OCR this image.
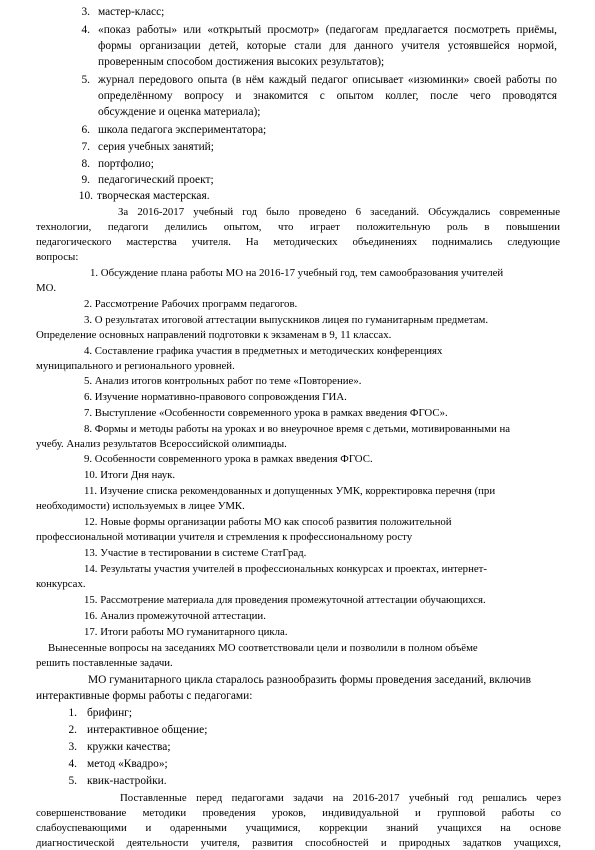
3. мастер-класс;
4. «показ работы» или «открытый просмотр» (педагогам предлагается посмотреть приёмы,
формы организации детей, которые стали для данного учителя устоявшейся нормой,
проверенным способом достижения высоких результатов);
5. журнал передового опыта (в нём каждый педагог описывает «изюминки» своей работы по
определённому вопросу и знакомится с опытом коллег, после чего проводятся
обсуждение и оценка материала);
6. школа педагога экспериментатора;
7. серия учебных занятий;
8. портфолио;
9. педагогический проект;
10. творческая мастерская.
За 2016-2017 учебный год было проведено 6 заседаний. Обсуждались современные
технологии, педагоги делились опытом, что играет положительную роль в повышении
педагогического мастерства учителя. На методических объединениях поднимались следующие
вопросы:
1. Обсуждение плана работы МО на 2016-17 учебный год, тем самообразования учителей
МО.
2. Рассмотрение Рабочих программ педагогов.
3. О результатах итоговой аттестации выпускников лицея по гуманитарным предметам.
Определение основных направлений подготовки к экзаменам в 9, 11 классах.
4. Составление графика участия в предметных и методических конференциях
муниципального и регионального уровней.
5. Анализ итогов контрольных работ по теме «Повторение».
6. Изучение нормативно-правового сопровождения ГИА.
7. Выступление «Особенности современного урока в рамках введения ФГОС».
8. Формы и методы работы на уроках и во внеурочное время с детьми, мотивированными на
учебу. Анализ результатов Всероссийской олимпиады.
9. Особенности современного урока в рамках введения ФГОС.
10. Итоги Дня наук.
11. Изучение списка рекомендованных и допущенных УМК, корректировка перечня (при
необходимости) используемых в лицее УМК.
12. Новые формы организации работы МО как способ развития положительной
профессиональной мотивации учителя и стремления к профессиональному росту
13. Участие в тестировании в системе СтатГрад.
14. Результаты участия учителей в профессиональных конкурсах и проектах, интернет-
конкурсах.
15. Рассмотрение материала для проведения промежуточной аттестации обучающихся.
16. Анализ промежуточной аттестации.
17. Итоги работы МО гуманитарного цикла.
Вынесенные вопросы на заседаниях МО соответствовали цели и позволили в полном объёме
решить поставленные задачи.
МО гуманитарного цикла старалось разнообразить формы проведения заседаний, включив
интерактивные формы работы с педагогами:
1. брифинг;
2. интерактивное общение;
3. кружки качества;
4. метод «Квадро»;
5. квик-настройки.
Поставленные перед педагогами задачи на 2016-2017 учебный год решались через
совершенствование методики проведения уроков, индивидуальной и групповой работы со
слабоуспевающими и одаренными учащимися, коррекции знаний учащихся на основе
диагностической деятельности учителя, развития способностей и природных задатков учащихся,
